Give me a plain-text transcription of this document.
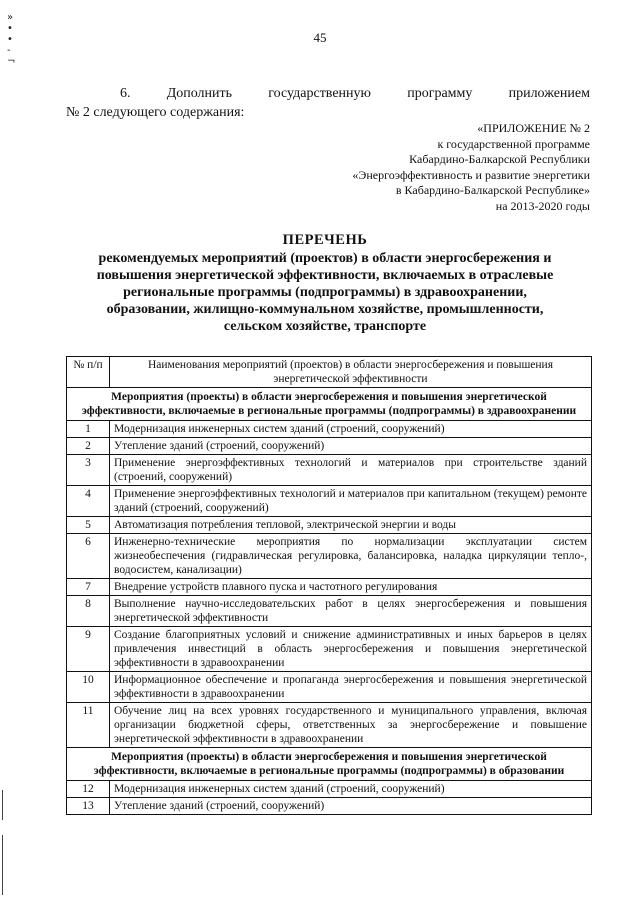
45
»
•
•
-
¬
6.	Дополнить	государственную	программу	приложением
№ 2 следующего содержания:
«ПРИЛОЖЕНИЕ № 2
к государственной программе
Кабардино-Балкарской Республики
«Энергоэффективность и развитие энергетики
в Кабардино-Балкарской Республике»
на 2013-2020 годы
ПЕРЕЧЕНЬ
рекомендуемых мероприятий (проектов) в области энергосбережения и
повышения энергетической эффективности, включаемых в отраслевые
региональные программы (подпрограммы) в здравоохранении,
образовании, жилищно-коммунальном хозяйстве, промышленности,
сельском хозяйстве, транспорте
№ п/п	Наименования мероприятий (проектов) в области энергосбережения и повышения энергетической эффективности
Мероприятия (проекты) в области энергосбережения и повышения энергетической эффективности, включаемые в региональные программы (подпрограммы) в здравоохранении	
1	Модернизация инженерных систем зданий (строений, сооружений)
2	Утепление зданий (строений, сооружений)
3	Применение энергоэффективных технологий и материалов при строительстве зданий (строений, сооружений)
4	Применение энергоэффективных технологий и материалов при капитальном (текущем) ремонте зданий (строений, сооружений)
5	Автоматизация потребления тепловой, электрической энергии и воды
6	Инженерно-технические мероприятия по нормализации эксплуатации систем жизнеобеспечения (гидравлическая регулировка, балансировка, наладка циркуляции тепло-, водосистем, канализации)
7	Внедрение устройств плавного пуска и частотного регулирования
8	Выполнение научно-исследовательских работ в целях энергосбережения и повышения энергетической эффективности
9	Создание благоприятных условий и снижение административных и иных барьеров в целях привлечения инвестиций в область энергосбережения и повышения энергетической эффективности в здравоохранении
10	Информационное обеспечение и пропаганда энергосбережения и повышения энергетической эффективности в здравоохранении
11	Обучение лиц на всех уровнях государственного и муниципального управления, включая организации бюджетной сферы, ответственных за энергосбережение и повышение энергетической эффективности в здравоохранении
Мероприятия (проекты) в области энергосбережения и повышения энергетической эффективности, включаемые в региональные программы (подпрограммы) в образовании	
12	Модернизация инженерных систем зданий (строений, сооружений)
13	Утепление зданий (строений, сооружений)
